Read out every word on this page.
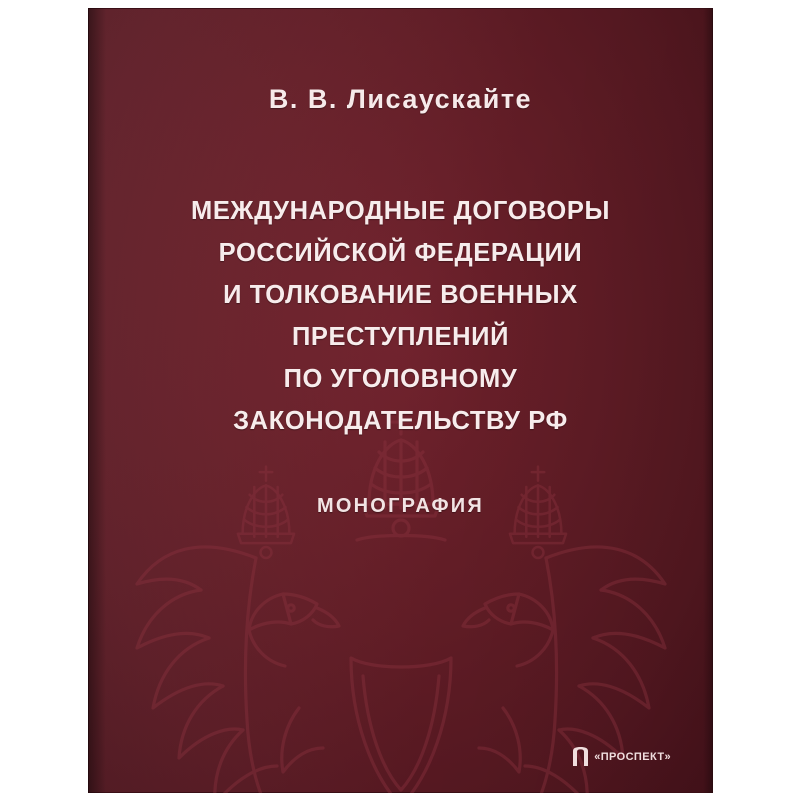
В. В. Лисаускайте
МЕЖДУНАРОДНЫЕ ДОГОВОРЫ
РОССИЙСКОЙ ФЕДЕРАЦИИ
И ТОЛКОВАНИЕ ВОЕННЫХ
ПРЕСТУПЛЕНИЙ
ПО УГОЛОВНОМУ
ЗАКОНОДАТЕЛЬСТВУ РФ
МОНОГРАФИЯ
«ПРОСПЕКТ»
